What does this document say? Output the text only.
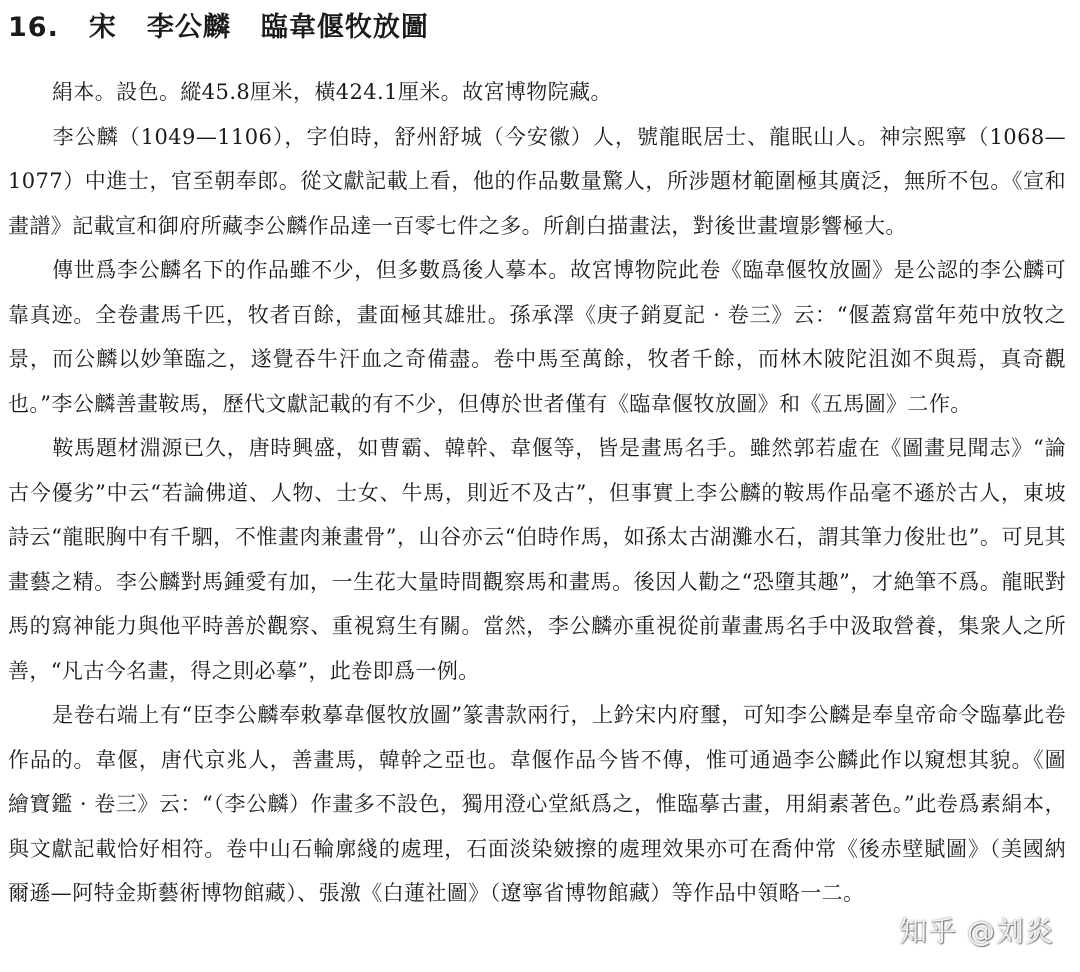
16. 宋 李公麟 臨韋偃牧放圖

絹本。設色。縱45.8厘米，橫424.1厘米。故宮博物院藏。

李公麟（1049—1106），字伯時，舒州舒城（今安徽）人，號龍眠居士、龍眠山人。神宗熙寧（1068—1077）中進士，官至朝奉郎。從文獻記載上看，他的作品數量驚人，所涉題材範圍極其廣泛，無所不包。《宣和畫譜》記載宣和御府所藏李公麟作品達一百零七件之多。所創白描畫法，對後世畫壇影響極大。

傳世爲李公麟名下的作品雖不少，但多數爲後人摹本。故宮博物院此卷《臨韋偃牧放圖》是公認的李公麟可靠真迹。全卷畫馬千匹，牧者百餘，畫面極其雄壯。孫承澤《庚子銷夏記 · 卷三》云：“偃蓋寫當年苑中放牧之景，而公麟以妙筆臨之，遂覺吞牛汗血之奇備盡。卷中馬至萬餘，牧者千餘，而林木陂陀沮洳不與焉，真奇觀也。”李公麟善畫鞍馬，歷代文獻記載的有不少，但傳於世者僅有《臨韋偃牧放圖》和《五馬圖》二作。

鞍馬題材淵源已久，唐時興盛，如曹霸、韓幹、韋偃等，皆是畫馬名手。雖然郭若虛在《圖畫見聞志》“論古今優劣”中云“若論佛道、人物、士女、牛馬，則近不及古”，但事實上李公麟的鞍馬作品毫不遜於古人，東坡詩云“龍眠胸中有千駟，不惟畫肉兼畫骨”，山谷亦云“伯時作馬，如孫太古湖灘水石，謂其筆力俊壯也”。可見其畫藝之精。李公麟對馬鍾愛有加，一生花大量時間觀察馬和畫馬。後因人勸之“恐墮其趣”，才絶筆不爲。龍眠對馬的寫神能力與他平時善於觀察、重視寫生有關。當然，李公麟亦重視從前輩畫馬名手中汲取營養，集衆人之所善，“凡古今名畫，得之則必摹”，此卷即爲一例。

是卷右端上有“臣李公麟奉敕摹韋偃牧放圖”篆書款兩行，上鈐宋内府璽，可知李公麟是奉皇帝命令臨摹此卷作品的。韋偃，唐代京兆人，善畫馬，韓幹之亞也。韋偃作品今皆不傳，惟可通過李公麟此作以窺想其貌。《圖繪寶鑑 · 卷三》云：“（李公麟）作畫多不設色，獨用澄心堂紙爲之，惟臨摹古畫，用絹素著色。”此卷爲素絹本，與文獻記載恰好相符。卷中山石輪廓綫的處理，石面淡染皴擦的處理效果亦可在喬仲常《後赤壁賦圖》（美國納爾遜—阿特金斯藝術博物館藏）、張激《白蓮社圖》（遼寧省博物館藏）等作品中領略一二。

知乎 @刘炎
